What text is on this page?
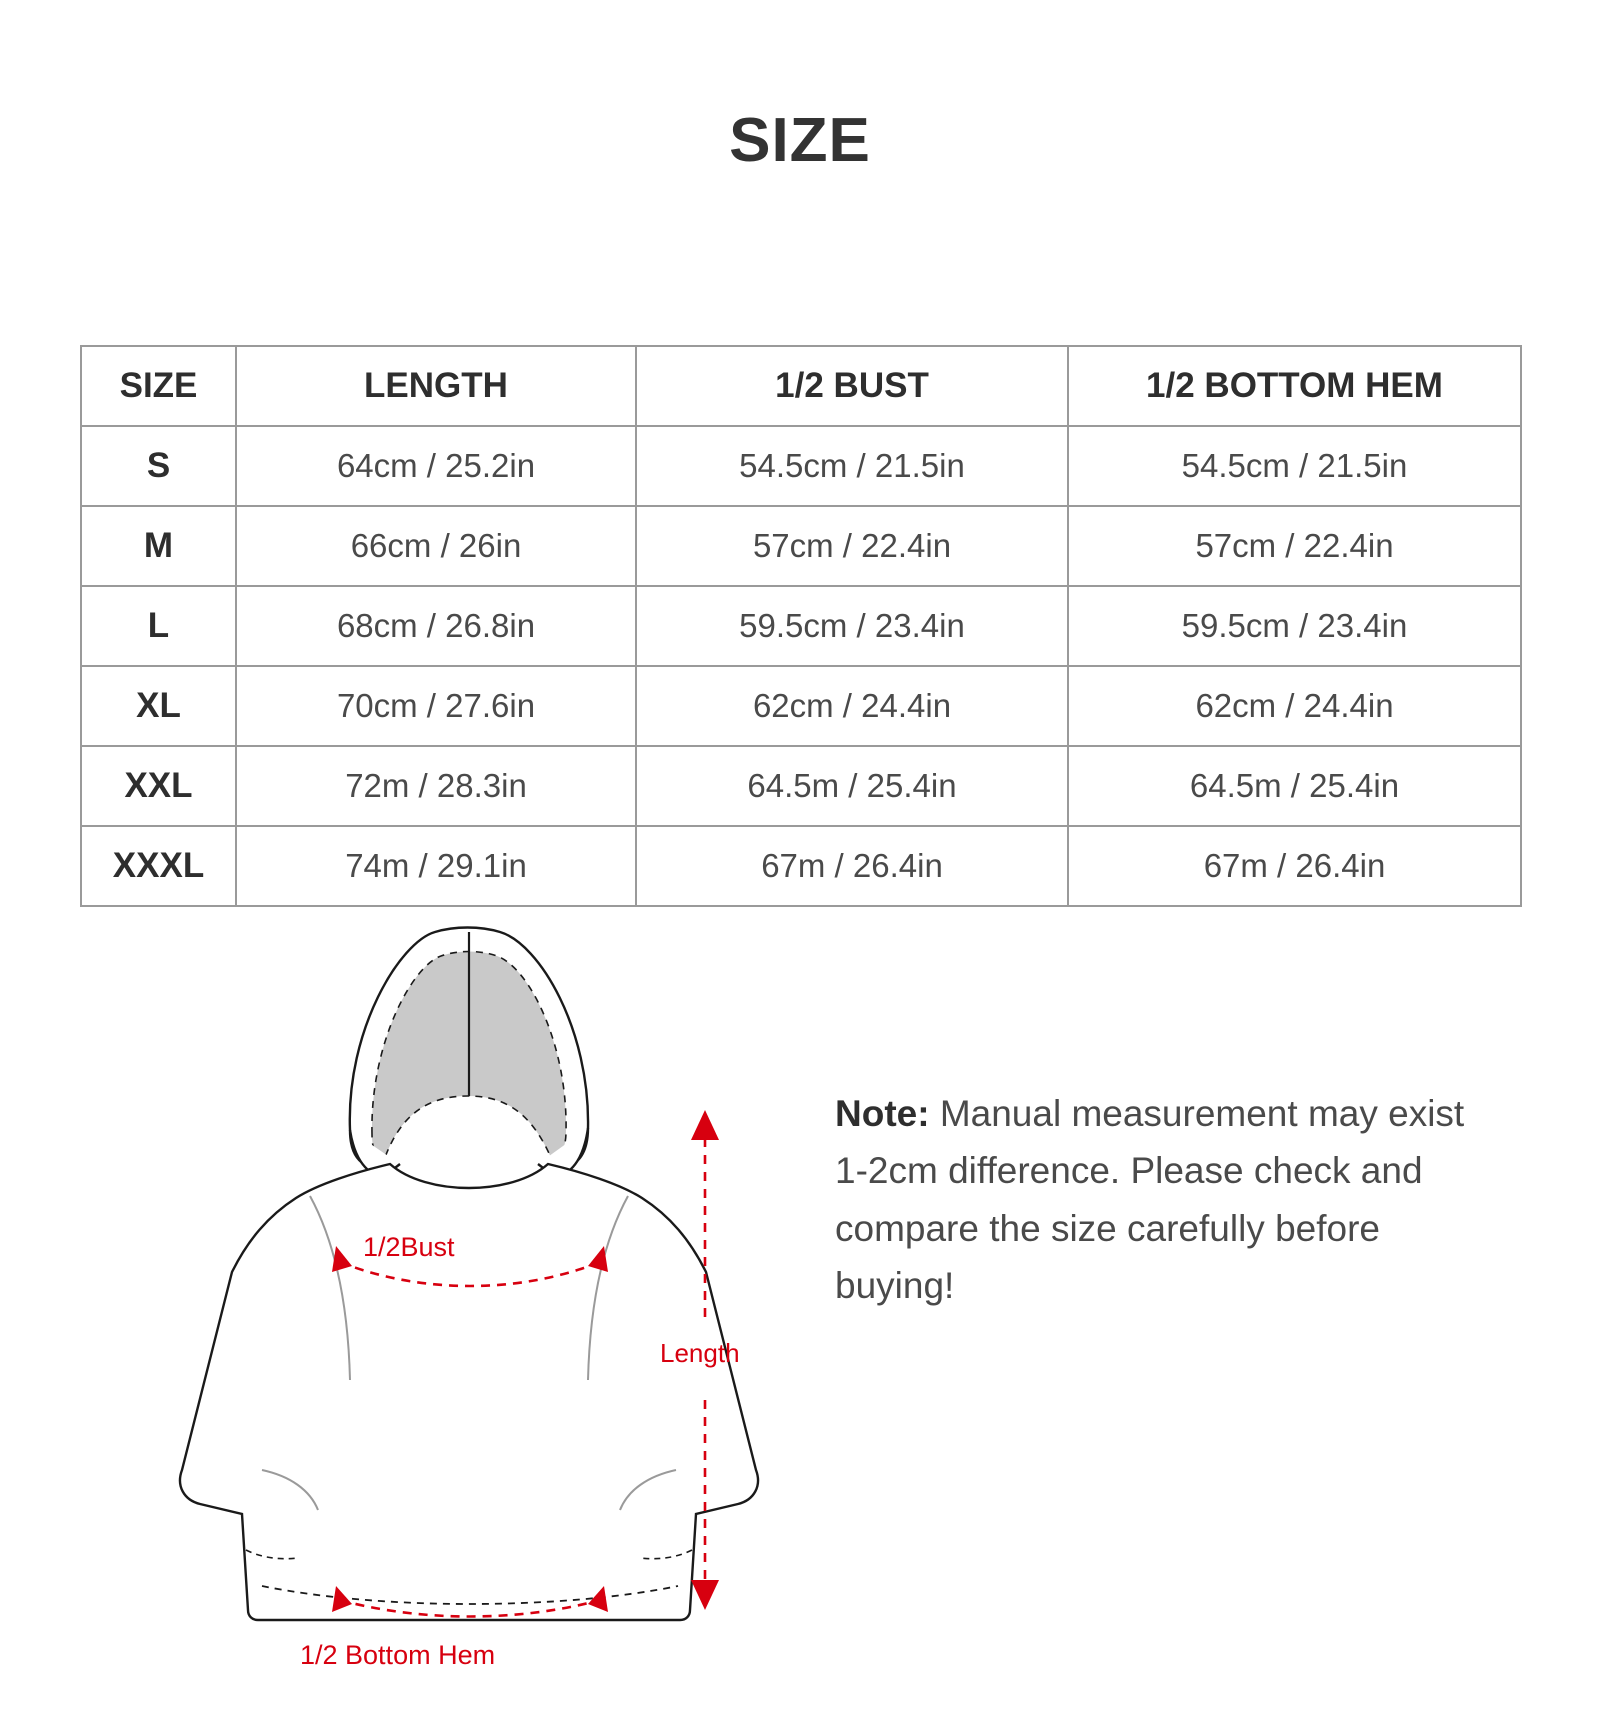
SIZE
SIZE	LENGTH	1/2 BUST	1/2 BOTTOM HEM
S	64cm / 25.2in	54.5cm / 21.5in	54.5cm / 21.5in
M	66cm / 26in	57cm / 22.4in	57cm / 22.4in
L	68cm / 26.8in	59.5cm / 23.4in	59.5cm / 23.4in
XL	70cm / 27.6in	62cm / 24.4in	62cm / 24.4in
XXL	72m / 28.3in	64.5m / 25.4in	64.5m / 25.4in
XXXL	74m / 29.1in	67m / 26.4in	67m / 26.4in
1/2Bust
1/2 Bottom Hem
Length
Note: Manual measurement may exist 1-2cm difference. Please check and compare the size carefully before buying!
